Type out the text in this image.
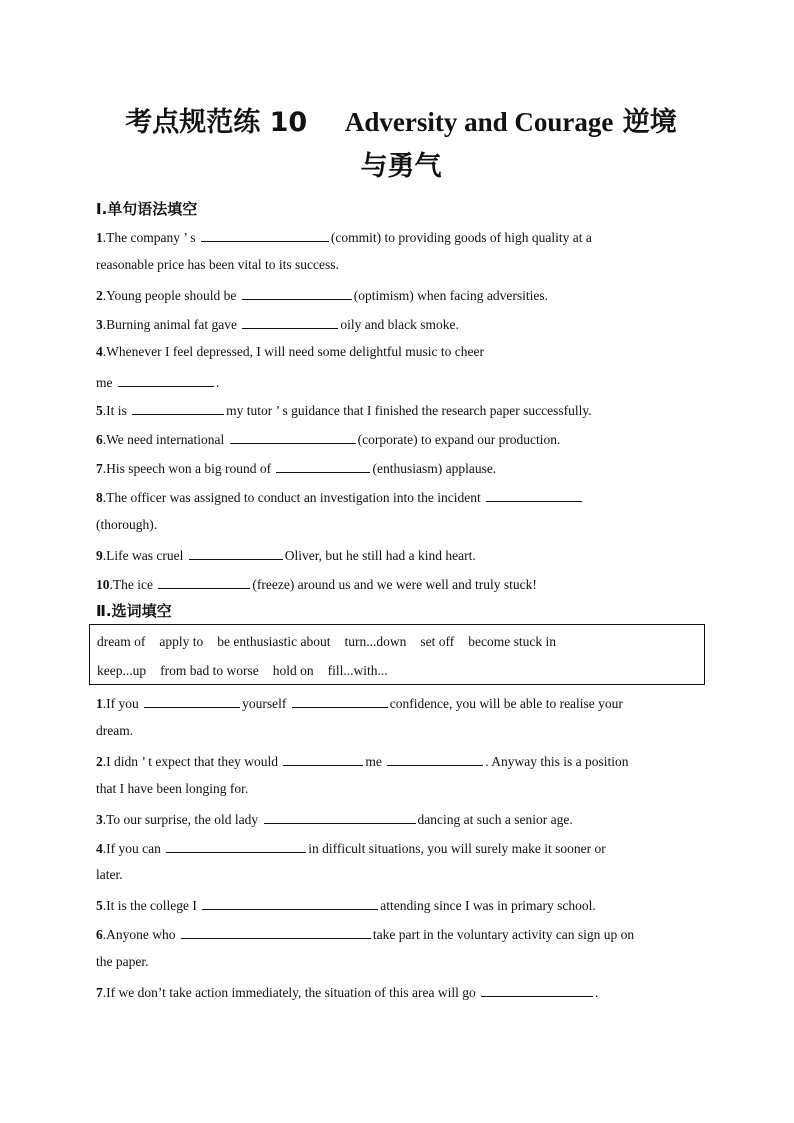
考点规范练 10 Adversity and Courage 逆境
与勇气
Ⅰ.单句语法填空
1.The company ’ s	(commit) to providing goods of high quality at a
reasonable price has been vital to its success.
2.Young people should be	(optimism) when facing adversities.
3.Burning animal fat gave	oily and black smoke.
4.Whenever I feel depressed, I will need some delightful music to cheer
me	.
5.It is	my tutor ’ s guidance that I finished the research paper successfully.
6.We need international	(corporate) to expand our production.
7.His speech won a big round of	(enthusiasm) applause.
8.The officer was assigned to conduct an investigation into the incident
(thorough).
9.Life was cruel	Oliver, but he still had a kind heart.
10.The ice	(freeze) around us and we were well and truly stuck!
Ⅱ.选词填空
dream of apply to be enthusiastic about turn...down set off become stuck in
keep...up from bad to worse hold on fill...with...
1.If you	yourself	confidence, you will be able to realise your
dream.
2.I didn ’ t expect that they would	me	. Anyway this is a position
that I have been longing for.
3.To our surprise, the old lady	dancing at such a senior age.
4.If you can	in difficult situations, you will surely make it sooner or
later.
5.It is the college I	attending since I was in primary school.
6.Anyone who	take part in the voluntary activity can sign up on
the paper.
7.If we don’t take action immediately, the situation of this area will go	.
